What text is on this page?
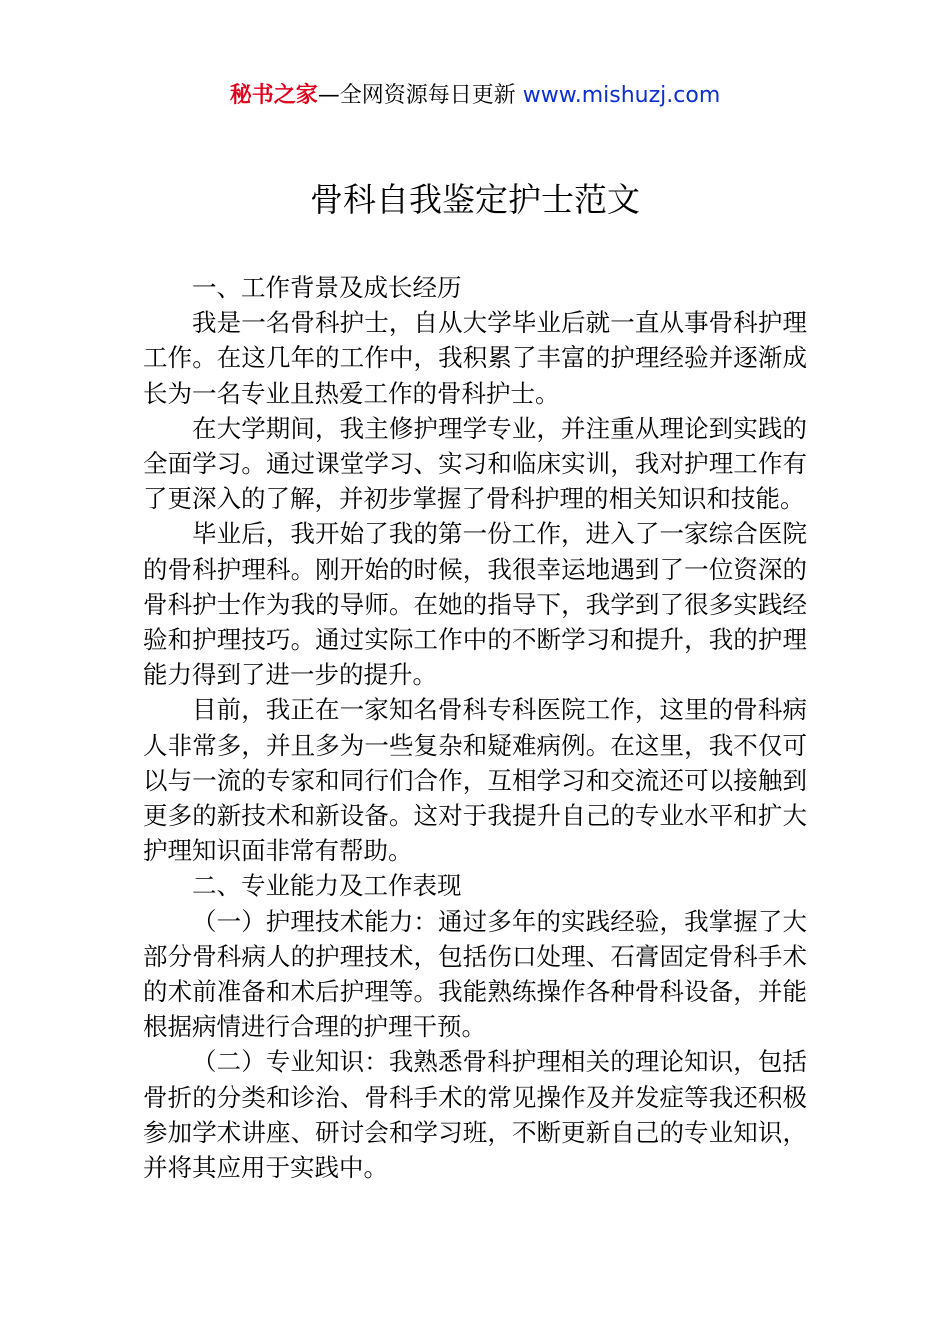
秘书之家—全网资源每日更新 www.mishuzj.com
骨科自我鉴定护士范文

一、工作背景及成长经历

我是一名骨科护士，自从大学毕业后就一直从事骨科护理工作。在这几年的工作中，我积累了丰富的护理经验并逐渐成长为一名专业且热爱工作的骨科护士。

在大学期间，我主修护理学专业，并注重从理论到实践的全面学习。通过课堂学习、实习和临床实训，我对护理工作有了更深入的了解，并初步掌握了骨科护理的相关知识和技能。

毕业后，我开始了我的第一份工作，进入了一家综合医院的骨科护理科。刚开始的时候，我很幸运地遇到了一位资深的骨科护士作为我的导师。在她的指导下，我学到了很多实践经验和护理技巧。通过实际工作中的不断学习和提升，我的护理能力得到了进一步的提升。

目前，我正在一家知名骨科专科医院工作，这里的骨科病人非常多，并且多为一些复杂和疑难病例。在这里，我不仅可以与一流的专家和同行们合作，互相学习和交流还可以接触到更多的新技术和新设备。这对于我提升自己的专业水平和扩大护理知识面非常有帮助。

二、专业能力及工作表现

（一）护理技术能力：通过多年的实践经验，我掌握了大部分骨科病人的护理技术，包括伤口处理、石膏固定骨科手术的术前准备和术后护理等。我能熟练操作各种骨科设备，并能根据病情进行合理的护理干预。

（二）专业知识：我熟悉骨科护理相关的理论知识，包括骨折的分类和诊治、骨科手术的常见操作及并发症等我还积极参加学术讲座、研讨会和学习班，不断更新自己的专业知识，并将其应用于实践中。
